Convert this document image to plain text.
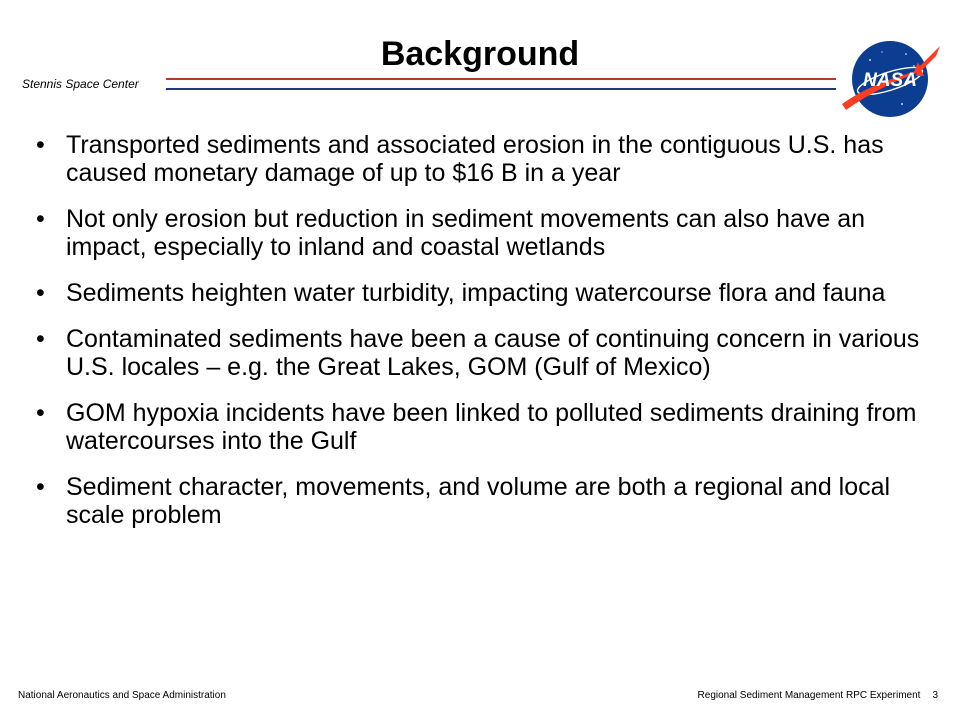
Background
Stennis Space Center	NASA
• Transported sediments and associated erosion in the contiguous U.S. has caused monetary damage of up to $16 B in a year
• Not only erosion but reduction in sediment movements can also have an impact, especially to inland and coastal wetlands
• Sediments heighten water turbidity, impacting watercourse flora and fauna
• Contaminated sediments have been a cause of continuing concern in various U.S. locales – e.g. the Great Lakes, GOM (Gulf of Mexico)
• GOM hypoxia incidents have been linked to polluted sediments draining from watercourses into the Gulf
• Sediment character, movements, and volume are both a regional and local scale problem
National Aeronautics and Space Administration	Regional Sediment Management RPC Experiment 3
